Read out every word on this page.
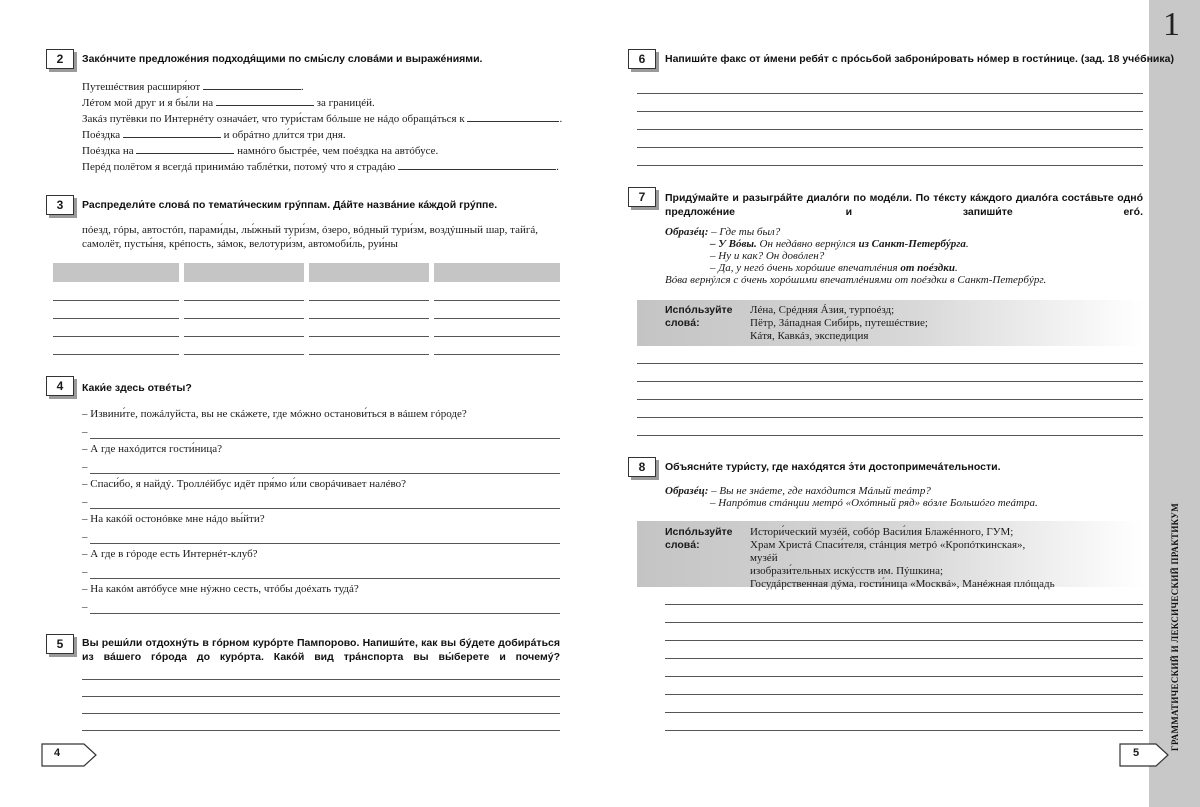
1
ГРАММАТИЧЕСКИЙ И ЛЕКСИЧЕСКИЙ ПРАКТИКУМ
2	Закóнчите предложéния подходя́щими по смы́слу словáми и выражéниями.
Путешéствия расширя́ют	.
Лéтом мой друг и я бы́ли на	за границéй.
Закáз путёвки по Интернéту означáет, что тури́стам бóльше не нáдо обращáться к	.
Поéздка	и обрáтно дли́тся три дня.
Поéздка на	намнóго быстрéе, чем поéздка на автóбусе.
Перéд полётом я всегдá принимáю таблéтки, потомý что я страдáю	.
3	Распредели́те словá по темати́ческим грýппам. Дáйте назвáние кáждой грýппе.
пóезд, гóры, автостóп, парами́ды, лы́жный тури́зм, óзеро, вóдный тури́зм, воздýшный шар, тайгá, самолёт, пусты́ня, крéпость, зáмок, велотури́зм, автомоби́ль, руи́ны
4	Каки́е здесь отвéты?
– Извини́те, пожáлуйста, вы не скáжете, где мóжно останови́ться в вáшем гóроде?
–
– А где нахóдится гости́ница?
–
– Спаси́бо, я найдý. Троллéйбус идёт пря́мо и́ли сворáчивает налéво?
–
– На какóй остонóвке мне нáдо вы́йти?
–
– А где в гóроде есть Интернéт-клуб?
–
– На какóм автóбусе мне нýжно сесть, чтóбы доéхать тудá?
–
5	Вы реши́ли отдохнýть в гóрном курóрте Пампорово. Напиши́те, как вы бýдете добирáться из вáшего гóрода до курóрта. Какóй вид трáнспорта вы вы́берете и почемý?
4
6	Напиши́те факс от и́мени ребя́т с прóсьбой заброни́ровать нóмер в гости́нице. (зад. 18 учéбника)
7	Придýмайте и разыгрáйте диалóги по модéли. По тéксту кáждого диалóга состáвьте однó предложéние и запиши́те егó.
Образéц: – Где ты был?
– У Вóвы. Он недáвно вернýлся из Санкт-Петербýрга.
– Ну и как? Он довóлен?
– Да, у негó óчень хорóшие впечатлéния от поéздки.
Вóва вернýлся с óчень хорóшими впечатлéниями от поéздки в Санкт-Петербýрг.
Испóльзуйте
словá:
Лéна, Срéдняя Áзия, турпоéзд;
Пётр, Зáпадная Сиби́рь, путешéствие;
Кáтя, Кавкáз, экспеди́ция
8	Объясни́те тури́сту, где нахóдятся э́ти достопримечáтельности.
Образéц: – Вы не знáете, где нахóдится Мáлый теáтр?
– Напрóтив стáнции метрó «Охóтный ряд» вóзле Большóго теáтра.
Испóльзуйте
словá:
Истори́ческий музéй, собóр Васи́лия Блажéнного, ГУМ;
Храм Христá Спаси́теля, стáнция метрó «Кропóткинская»,
музéй
изобрази́тельных искýсств им. Пýшкина;
Госудáрственная дýма, гости́ница «Москвá», Манéжная плóщадь
5
